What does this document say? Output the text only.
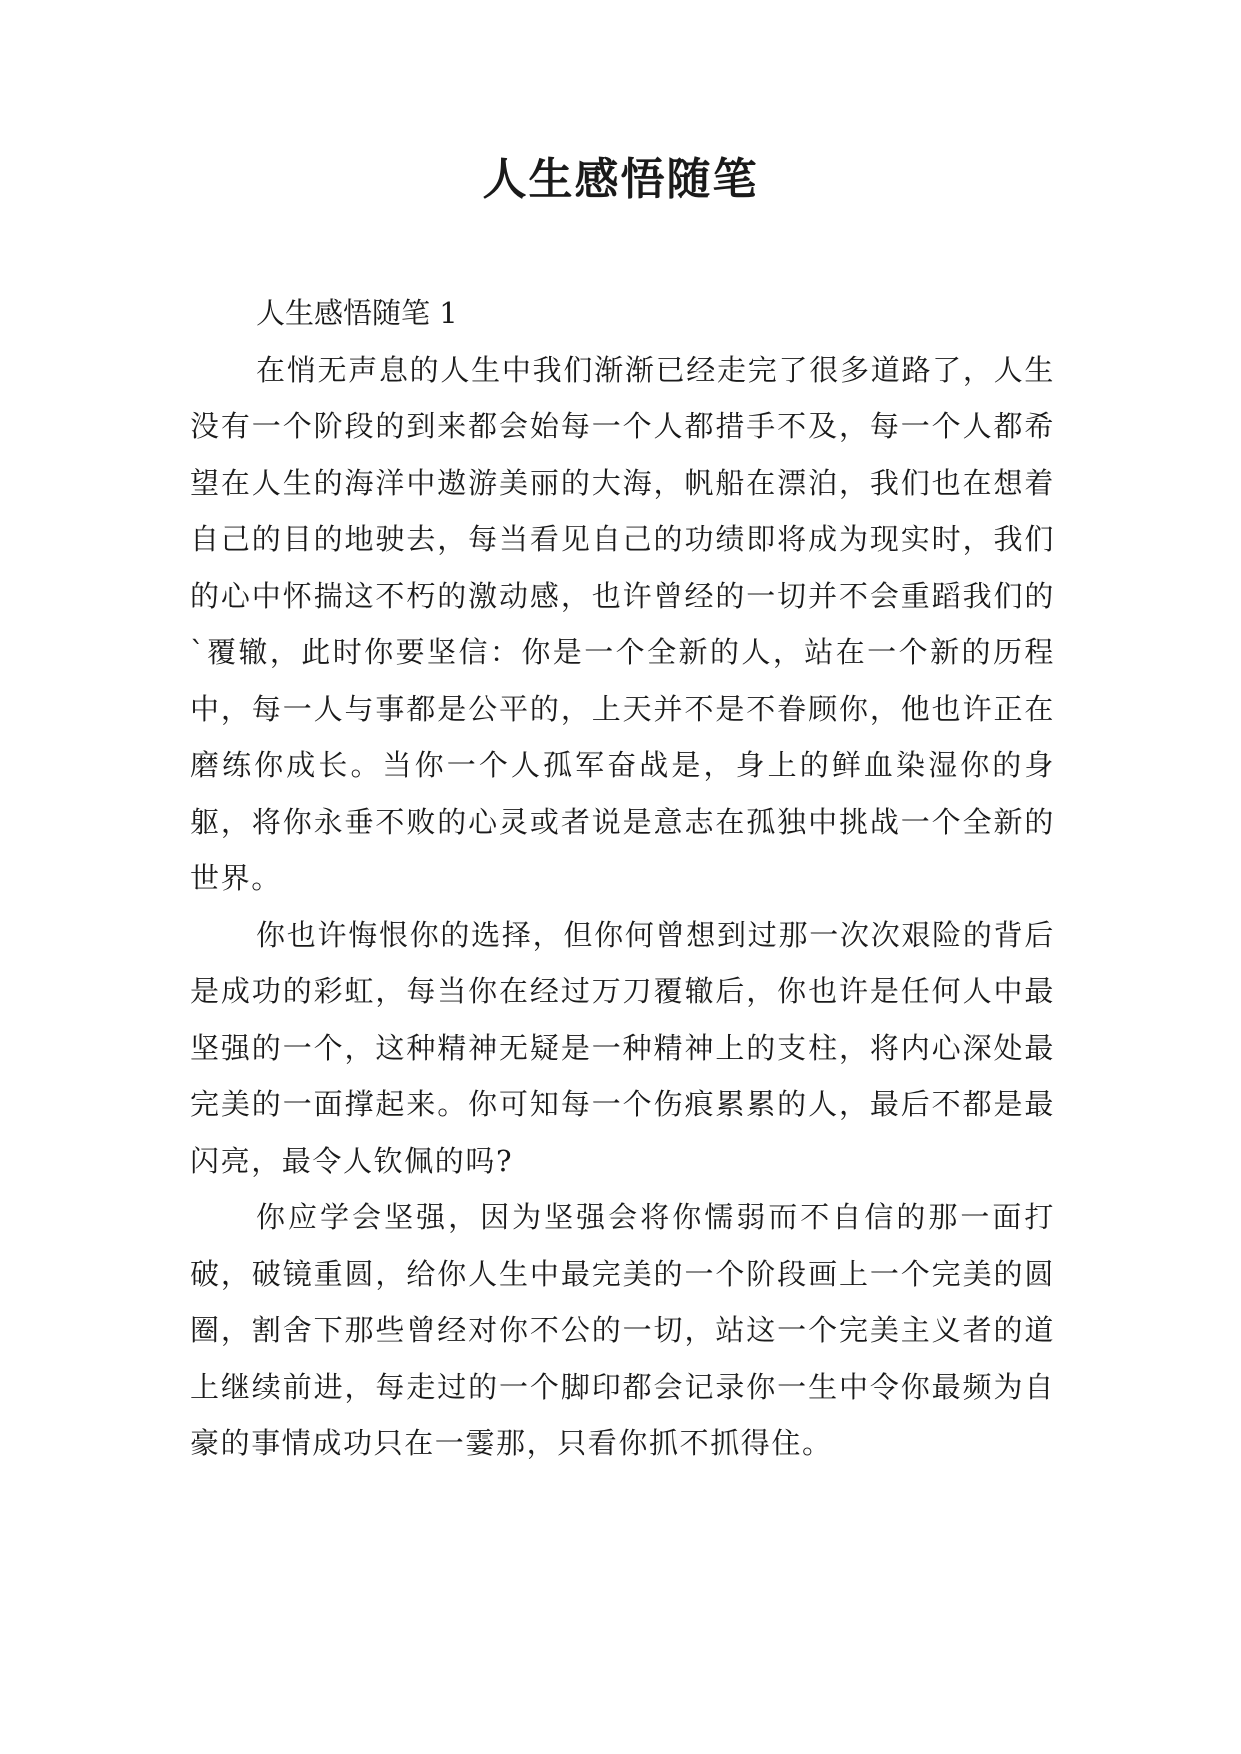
人生感悟随笔

人生感悟随笔 1

在悄无声息的人生中我们渐渐已经走完了很多道路了，人生没有一个阶段的到来都会始每一个人都措手不及，每一个人都希望在人生的海洋中遨游美丽的大海，帆船在漂泊，我们也在想着自己的目的地驶去，每当看见自己的功绩即将成为现实时，我们的心中怀揣这不朽的激动感，也许曾经的一切并不会重蹈我们的`覆辙，此时你要坚信：你是一个全新的人，站在一个新的历程中，每一人与事都是公平的，上天并不是不眷顾你，他也许正在磨练你成长。当你一个人孤军奋战是，身上的鲜血染湿你的身躯，将你永垂不败的心灵或者说是意志在孤独中挑战一个全新的世界。

你也许悔恨你的选择，但你何曾想到过那一次次艰险的背后是成功的彩虹，每当你在经过万刀覆辙后，你也许是任何人中最坚强的一个，这种精神无疑是一种精神上的支柱，将内心深处最完美的一面撑起来。你可知每一个伤痕累累的人，最后不都是最闪亮，最令人钦佩的吗?

你应学会坚强，因为坚强会将你懦弱而不自信的那一面打破，破镜重圆，给你人生中最完美的一个阶段画上一个完美的圆圈，割舍下那些曾经对你不公的一切，站这一个完美主义者的道上继续前进，每走过的一个脚印都会记录你一生中令你最频为自豪的事情成功只在一霎那，只看你抓不抓得住。
